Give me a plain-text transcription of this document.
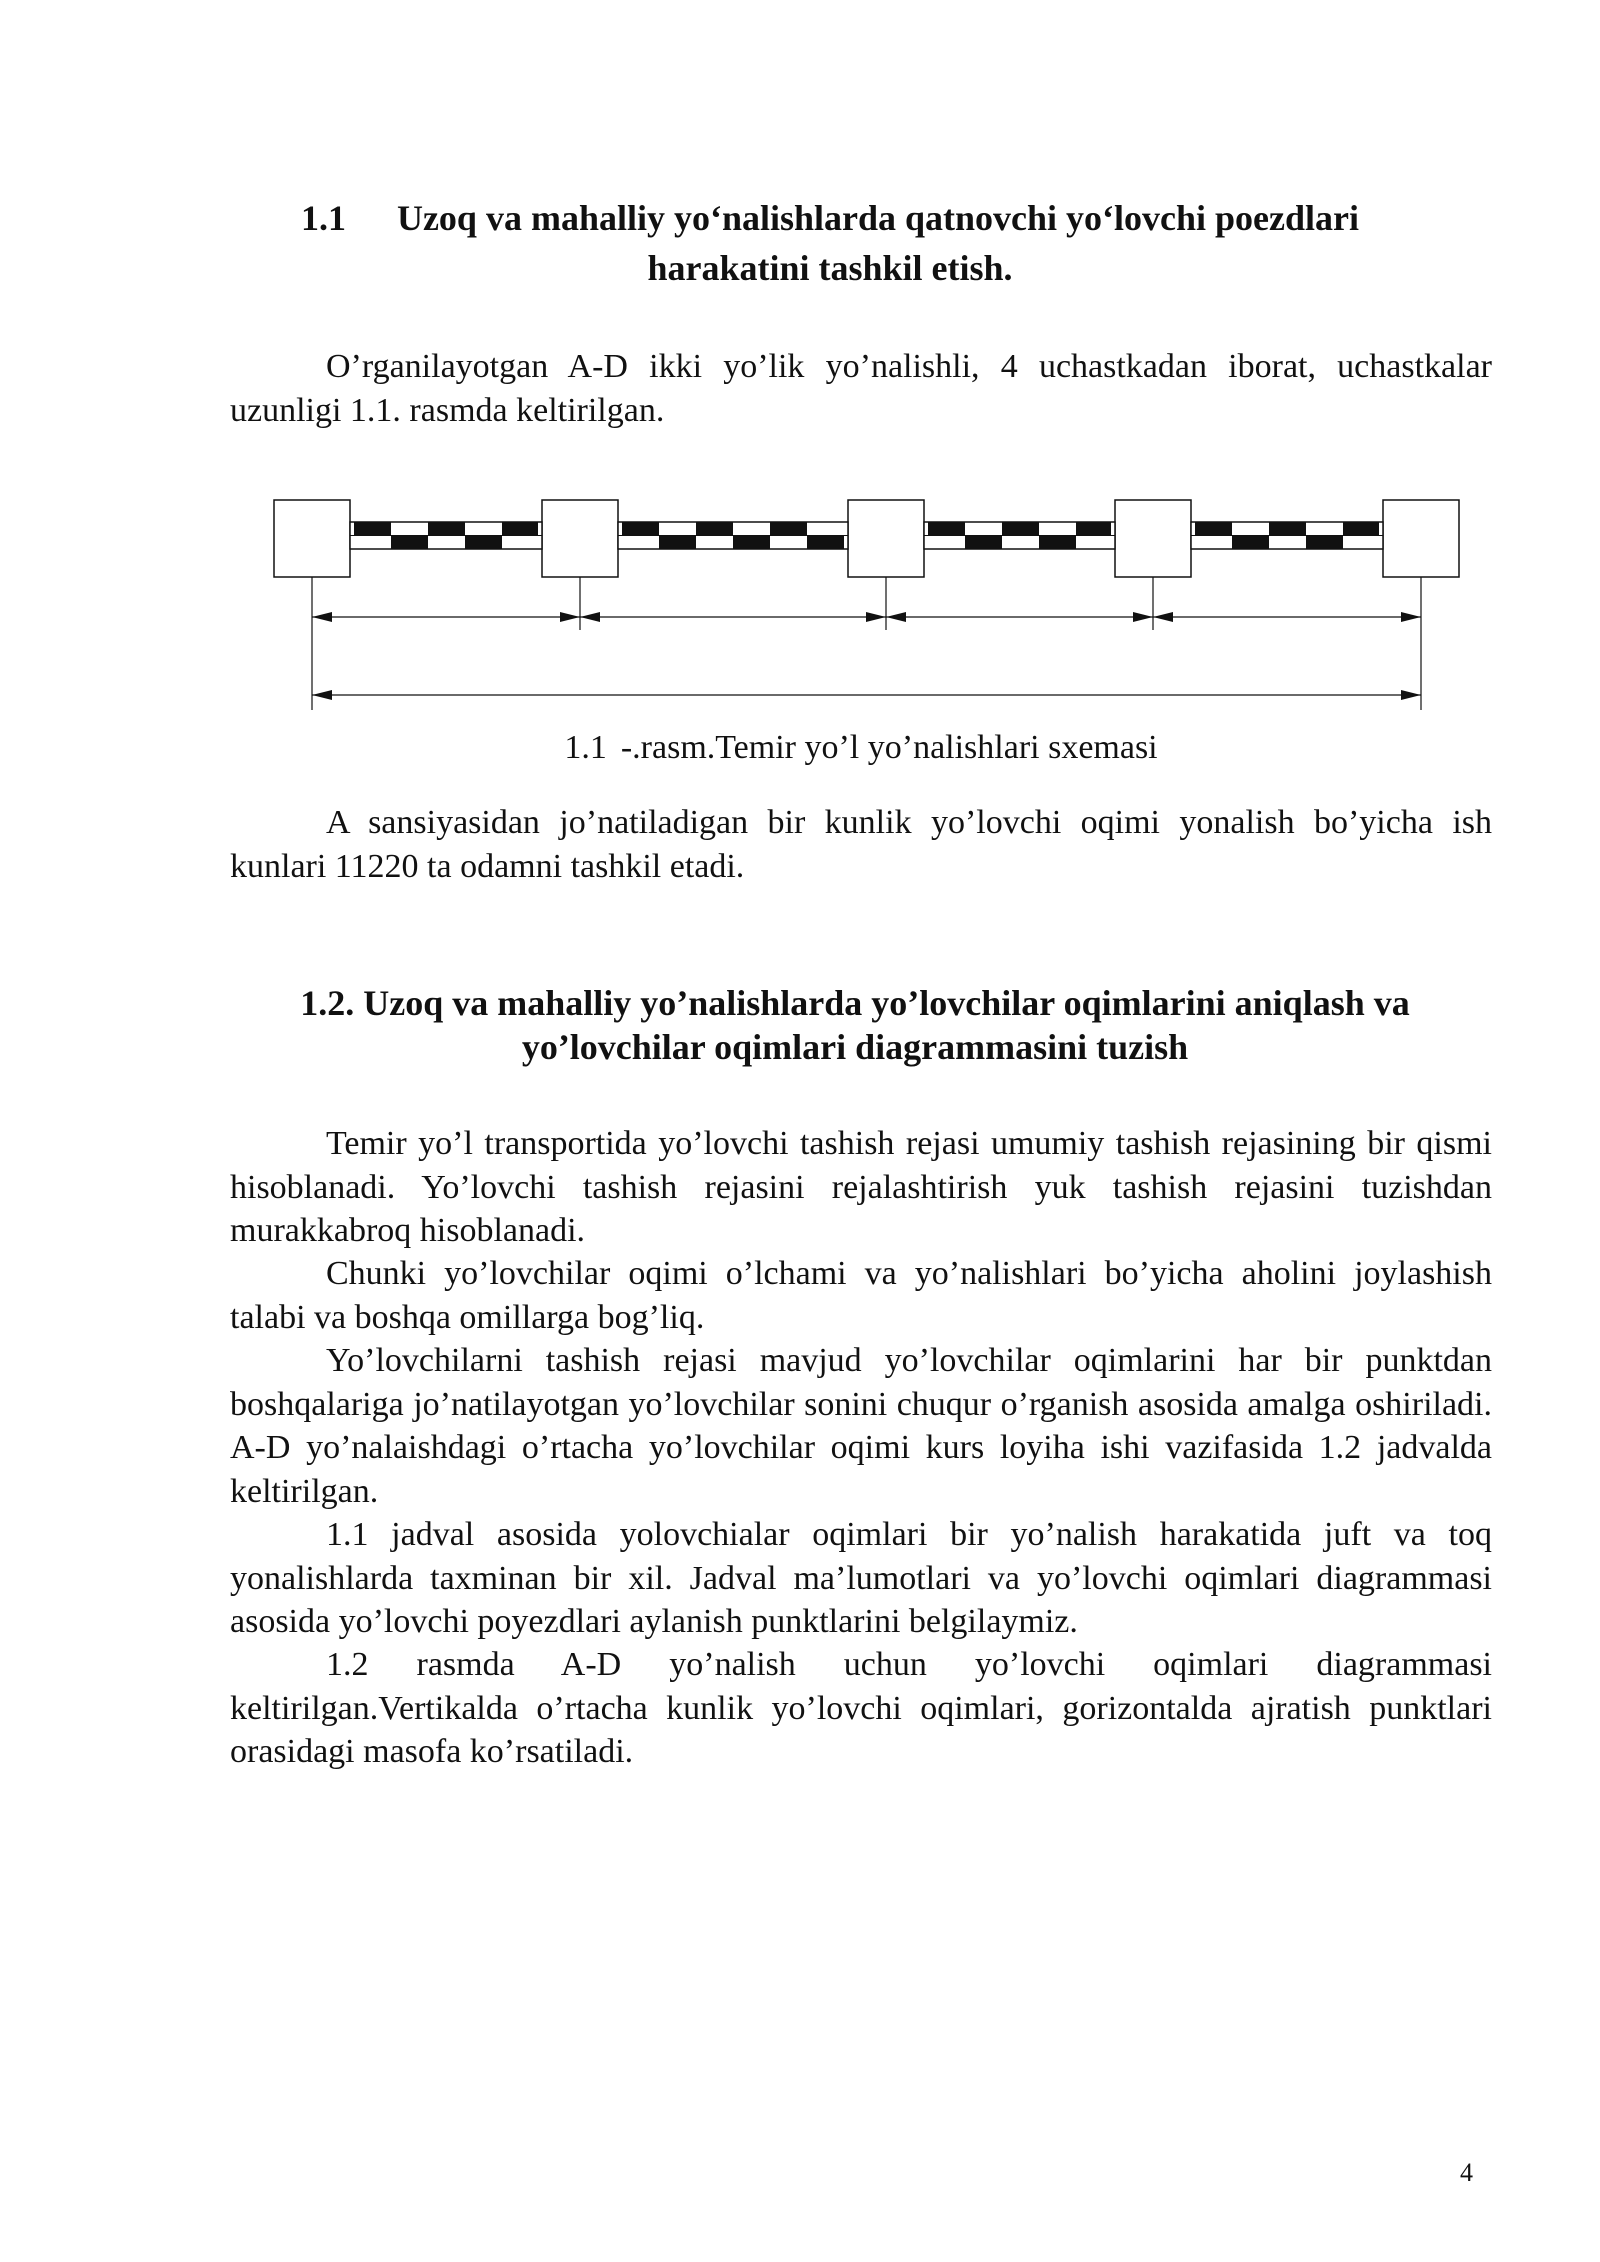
1.1 Uzoq va mahalliy yo‘nalishlarda qatnovchi yo‘lovchi poezdlari

harakatini tashkil etish.

O’rganilayotgan A-D ikki yo’lik yo’nalishli, 4 uchastkadan iborat, uchastkalar uzunligi 1.1. rasmda keltirilgan.

1.1 -.rasm.Temir yo’l yo’nalishlari sxemasi

A sansiyasidan jo’natiladigan bir kunlik yo’lovchi oqimi yonalish bo’yicha ish kunlari 11220 ta odamni tashkil etadi.

1.2. Uzoq va mahalliy yo’nalishlarda yo’lovchilar oqimlarini aniqlash va

yo’lovchilar oqimlari diagrammasini tuzish

Temir yo’l transportida yo’lovchi tashish rejasi umumiy tashish rejasining bir qismi hisoblanadi. Yo’lovchi tashish rejasini rejalashtirish yuk tashish rejasini tuzishdan murakkabroq hisoblanadi.

Chunki yo’lovchilar oqimi o’lchami va yo’nalishlari bo’yicha aholini joylashish talabi va boshqa omillarga bog’liq.

Yo’lovchilarni tashish rejasi mavjud yo’lovchilar oqimlarini har bir punktdan boshqalariga jo’natilayotgan yo’lovchilar sonini chuqur o’rganish asosida amalga oshiriladi. A-D yo’nalaishdagi o’rtacha yo’lovchilar oqimi kurs loyiha ishi vazifasida 1.2 jadvalda keltirilgan.

1.1 jadval asosida yolovchialar oqimlari bir yo’nalish harakatida juft va toq yonalishlarda taxminan bir xil. Jadval ma’lumotlari va yo’lovchi oqimlari diagrammasi asosida yo’lovchi poyezdlari aylanish punktlarini belgilaymiz.

1.2 rasmda A-D yo’nalish uchun yo’lovchi oqimlari diagrammasi keltirilgan.Vertikalda o’rtacha kunlik yo’lovchi oqimlari, gorizontalda ajratish punktlari orasidagi masofa ko’rsatiladi.

4
